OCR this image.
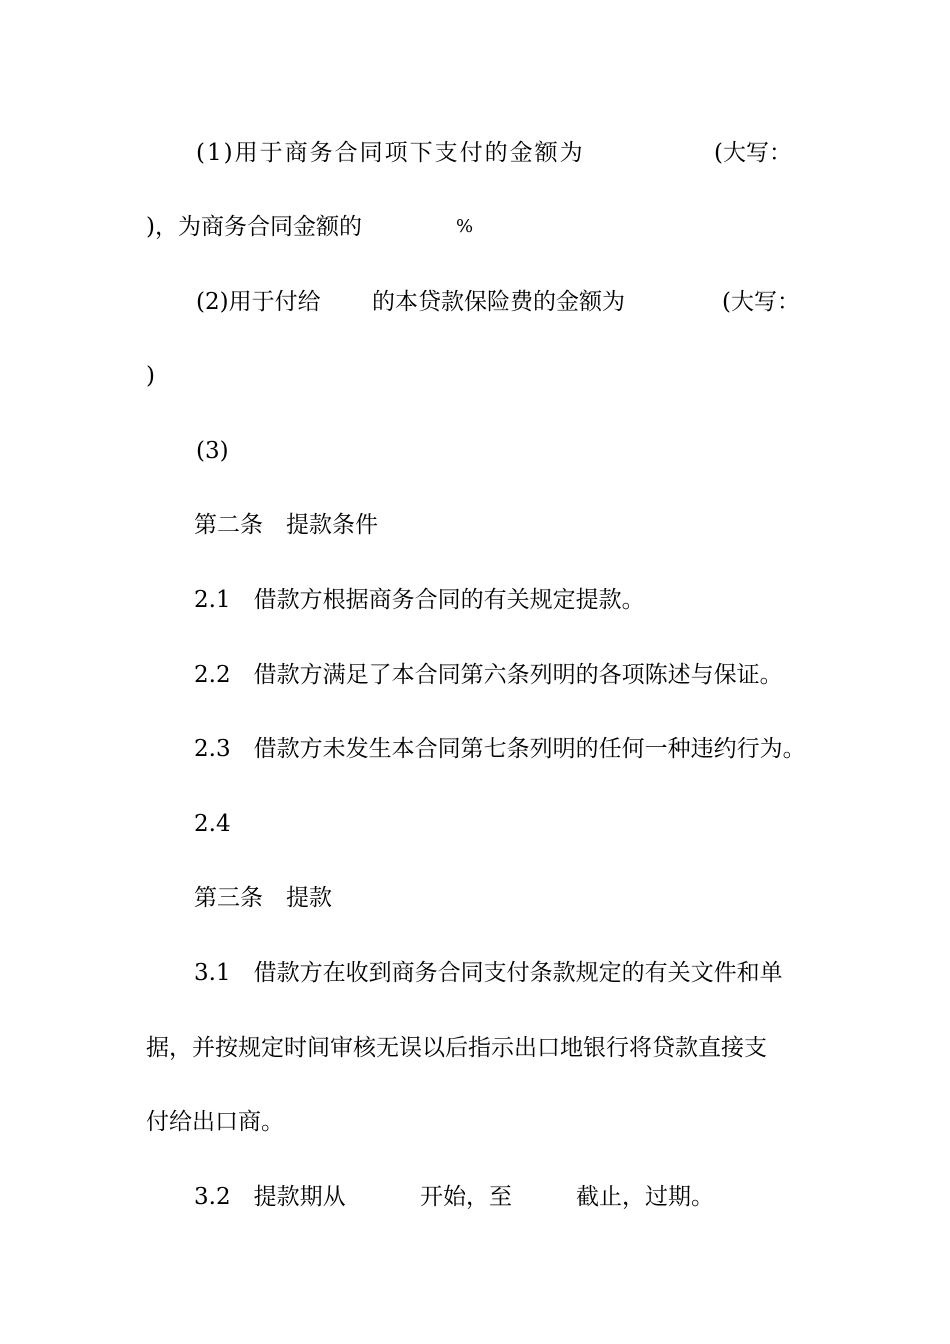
(1)用于商务合同项下支付的金额为	(大写：
)，为商务合同金额的	%
(2)用于付给 的本贷款保险费的金额为	(大写：
)
(3)
第二条　提款条件
2.1　借款方根据商务合同的有关规定提款。
2.2　借款方满足了本合同第六条列明的各项陈述与保证。
2.3　借款方未发生本合同第七条列明的任何一种违约行为。
2.4
第三条　提款
3.1　借款方在收到商务合同支付条款规定的有关文件和单
据，并按规定时间审核无误以后指示出口地银行将贷款直接支
付给出口商。
3.2　提款期从	开始，至	截止，过期。
